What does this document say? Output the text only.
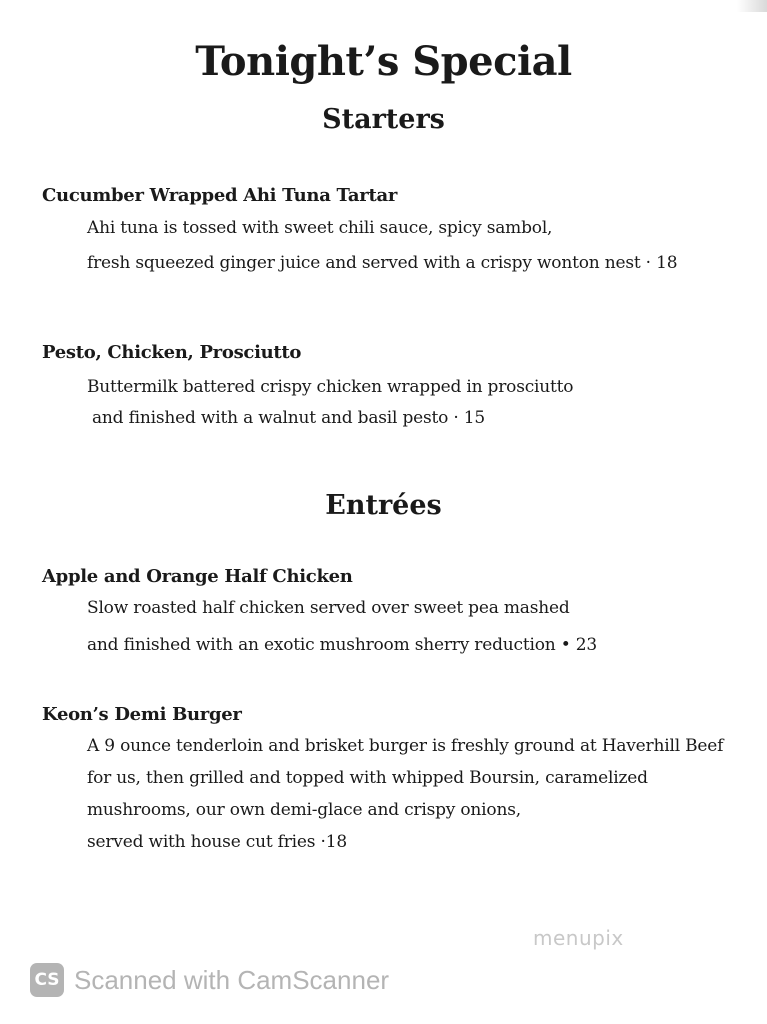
Tonight’s Special
Starters
Cucumber Wrapped Ahi Tuna Tartar
Ahi tuna is tossed with sweet chili sauce, spicy sambol,
fresh squeezed ginger juice and served with a crispy wonton nest · 18
Pesto, Chicken, Prosciutto
Buttermilk battered crispy chicken wrapped in prosciutto
and finished with a walnut and basil pesto · 15
Entrées
Apple and Orange Half Chicken
Slow roasted half chicken served over sweet pea mashed
and finished with an exotic mushroom sherry reduction • 23
Keon’s Demi Burger
A 9 ounce tenderloin and brisket burger is freshly ground at Haverhill Beef
for us, then grilled and topped with whipped Boursin, caramelized
mushrooms, our own demi-glace and crispy onions,
served with house cut fries ·18
menupix
CS Scanned with CamScanner
